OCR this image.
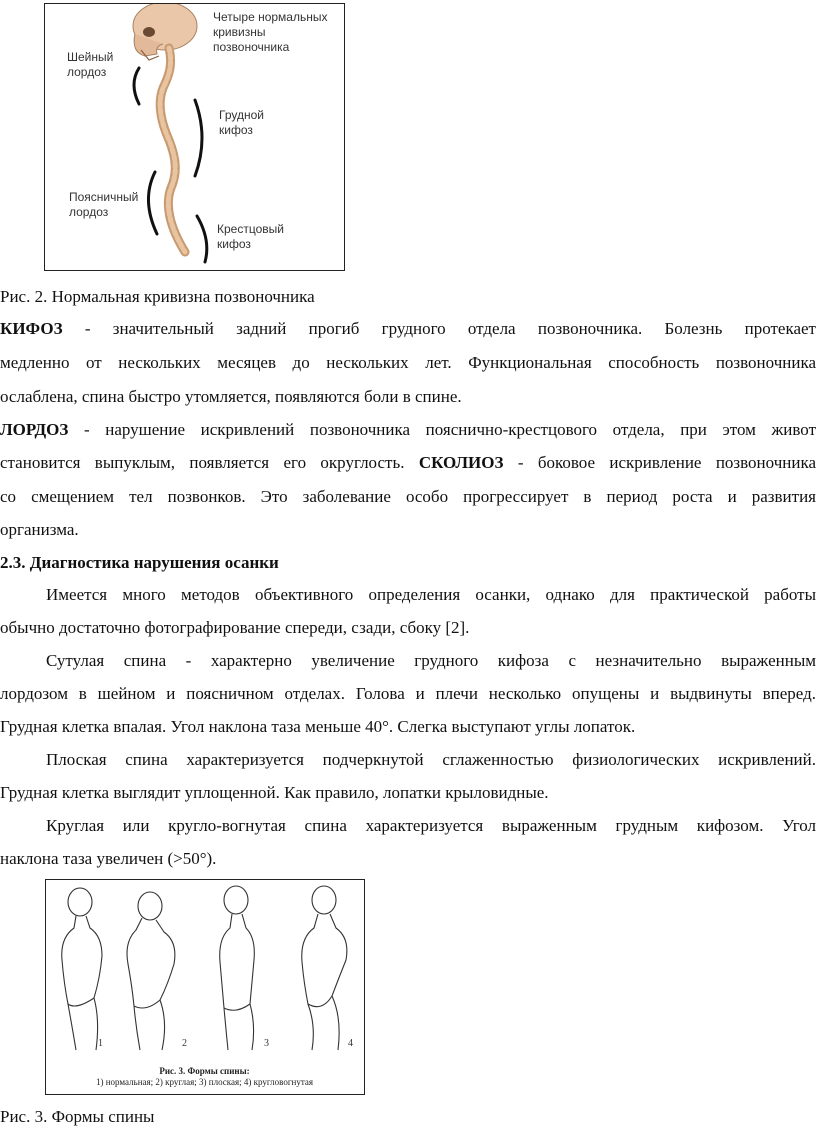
Четыре нормальных
кривизны позвоночника
Шейный
лордоз
Грудной
кифоз
Поясничный
лордоз
Крестцовый
кифоз
Рис. 2. Нормальная кривизна позвоночника
КИФОЗ - значительный задний прогиб грудного отдела позвоночника. Болезнь протекает
медленно от нескольких месяцев до нескольких лет. Функциональная способность позвоночника
ослаблена, спина быстро утомляется, появляются боли в спине.
ЛОРДОЗ - нарушение искривлений позвоночника пояснично-крестцового отдела, при этом живот
становится выпуклым, появляется его округлость. СКОЛИОЗ - боковое искривление позвоночника
со смещением тел позвонков. Это заболевание особо прогрессирует в период роста и развития
организма.
2.3. Диагностика нарушения осанки
Имеется много методов объективного определения осанки, однако для практической работы
обычно достаточно фотографирование спереди, сзади, сбоку [2].
Сутулая спина - характерно увеличение грудного кифоза с незначительно выраженным
лордозом в шейном и поясничном отделах. Голова и плечи несколько опущены и выдвинуты вперед.
Грудная клетка впалая. Угол наклона таза меньше 40°. Слегка выступают углы лопаток.
Плоская спина характеризуется подчеркнутой сглаженностью физиологических искривлений.
Грудная клетка выглядит уплощенной. Как правило, лопатки крыловидные.
Круглая или кругло-вогнутая спина характеризуется выраженным грудным кифозом. Угол
наклона таза увеличен (>50°).
1	2	3	4
Рис. 3. Формы спины:
1) нормальная; 2) круглая; 3) плоская; 4) кругловогнутая
Рис. 3. Формы спины
